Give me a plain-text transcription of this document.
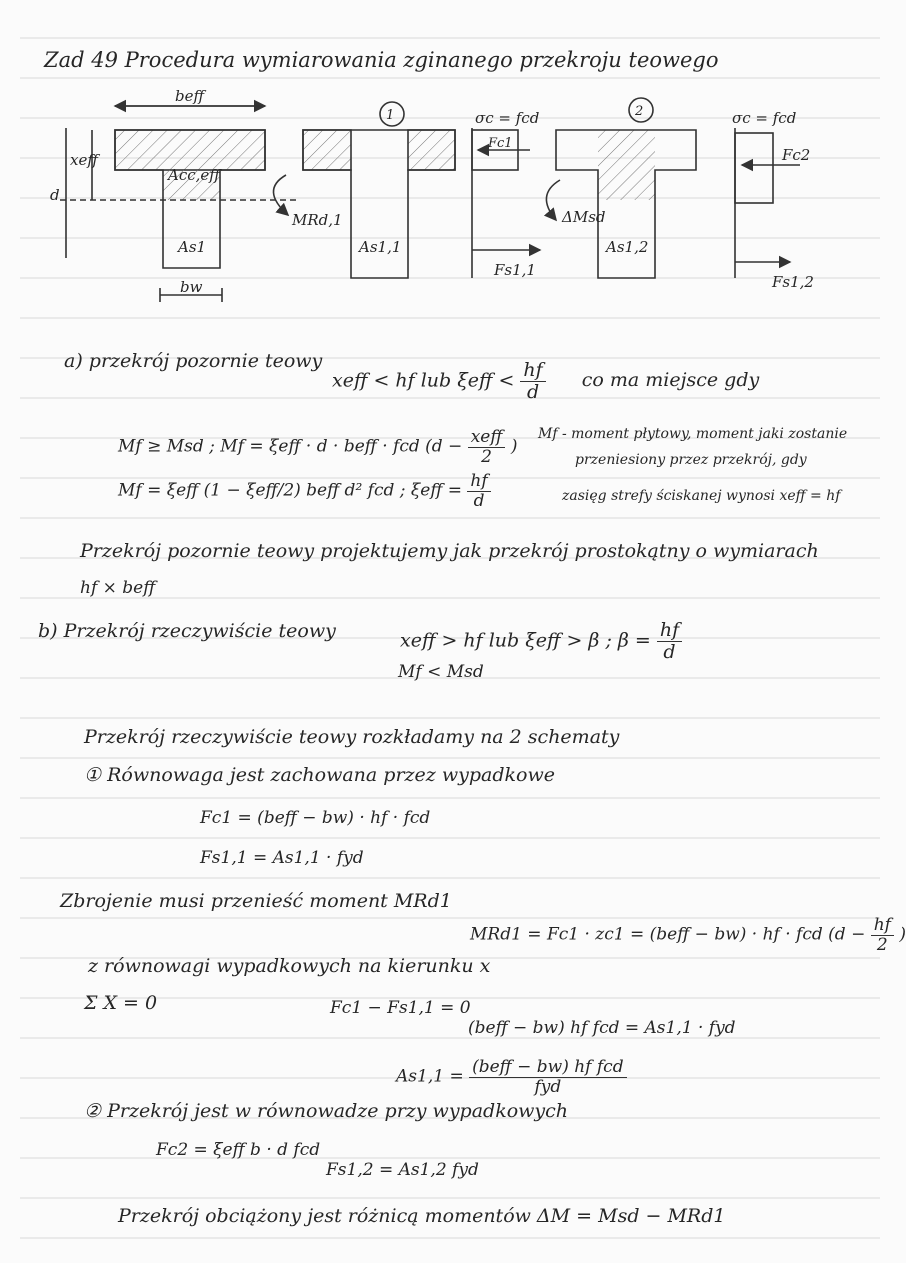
Zad 49 Procedura wymiarowania zginanego przekroju teowego
beff
xeff
d
Acc,eff
As1
bw
MRd,1
As1,1
1	σc = fcd
Fc1
Fs1,1
ΔMsd
As1,2
2	σc = fcd
Fc2
Fs1,2
a) przekrój pozornie teowy
xeff < hf lub $\xi eff < \frac{hf}{d}$ co ma miejsce gdy
Mf ≥ Msd ; Mf = ξeff · d · beff · fcd ($d - \frac{\text{xeff}}{2}$ )
Mf - moment płytowy, moment jaki zostanie
przeniesiony przez przekrój, gdy
zasięg strefy ściskanej wynosi xeff = hf
Mf = ξeff (1 − ξeff/2) beff d² fcd ; $\xi eff = \frac{hf}{d}$
Przekrój pozornie teowy projektujemy jak przekrój prostokątny o wymiarach
hf × beff
b) Przekrój rzeczywiście teowy	xeff > hf lub ξeff > β ; $\beta = \frac{hf}{d}$
Mf < Msd
Przekrój rzeczywiście teowy rozkładamy na 2 schematy
① Równowaga jest zachowana przez wypadkowe
Fc1 = (beff − bw) · hf · fcd
Fs1,1 = As1,1 · fyd
Zbrojenie musi przenieść moment MRd1
MRd1 = Fc1 · zc1 = (beff − bw) · hf · fcd ($d - \frac{hf}{2}$ )
z równowagi wypadkowych na kierunku x
Σ X = 0	Fc1 − Fs1,1 = 0
(beff − bw) hf fcd = As1,1 · fyd
$As1,1 = \frac{\text{(beff − bw) hf fcd}}{\text{fyd}}$
② Przekrój jest w równowadze przy wypadkowych
Fc2 = ξeff b · d fcd
Fs1,2 = As1,2 fyd
Przekrój obciążony jest różnicą momentów ΔM = Msd − MRd1
